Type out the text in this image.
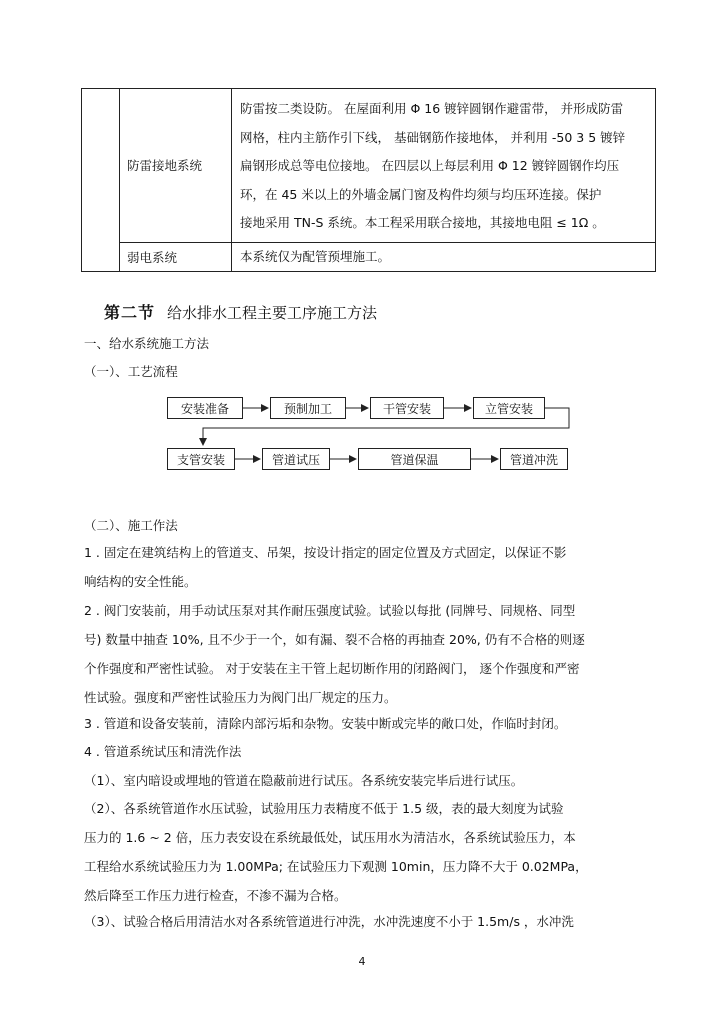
	防雷接地系统	防雷按二类设防。 在屋面利用 Φ 16 镀锌圆钢作避雷带， 并形成防雷
网格，柱内主筋作引下线， 基础钢筋作接地体， 并利用 -50 3 5 镀锌
扁钢形成总等电位接地。 在四层以上每层利用 Φ 12 镀锌圆钢作均压
环，在 45 米以上的外墙金属门窗及构件均须与均压环连接。保护
接地采用 TN-S 系统。本工程采用联合接地，其接地电阻 ≤ 1Ω 。

	弱电系统	本系统仅为配管预埋施工。
第二节 给水排水工程主要工序施工方法
一、给水系统施工方法
（一）、工艺流程
安装准备	预制加工	干管安装	立管安装
支管安装	管道试压	管道保温	管道冲洗
（二）、施工作法
1 . 固定在建筑结构上的管道支、吊架，按设计指定的固定位置及方式固定，以保证不影
响结构的安全性能。
2 . 阀门安装前，用手动试压泵对其作耐压强度试验。试验以每批 (同牌号、同规格、同型
号) 数量中抽查 10%, 且不少于一个，如有漏、裂不合格的再抽查 20%, 仍有不合格的则逐
个作强度和严密性试验。 对于安装在主干管上起切断作用的闭路阀门， 逐个作强度和严密
性试验。强度和严密性试验压力为阀门出厂规定的压力。
3 . 管道和设备安装前，清除内部污垢和杂物。安装中断或完毕的敞口处，作临时封闭。
4 . 管道系统试压和清洗作法
（1）、室内暗设或埋地的管道在隐蔽前进行试压。各系统安装完毕后进行试压。
（2）、各系统管道作水压试验，试验用压力表精度不低于 1.5 级，表的最大刻度为试验
压力的 1.6 ~ 2 倍，压力表安设在系统最低处，试压用水为清洁水，各系统试验压力，本
工程给水系统试验压力为 1.00MPa; 在试验压力下观测 10min，压力降不大于 0.02MPa，
然后降至工作压力进行检查，不渗不漏为合格。
（3）、试验合格后用清洁水对各系统管道进行冲洗，水冲洗速度不小于 1.5m/s ，水冲洗
4
